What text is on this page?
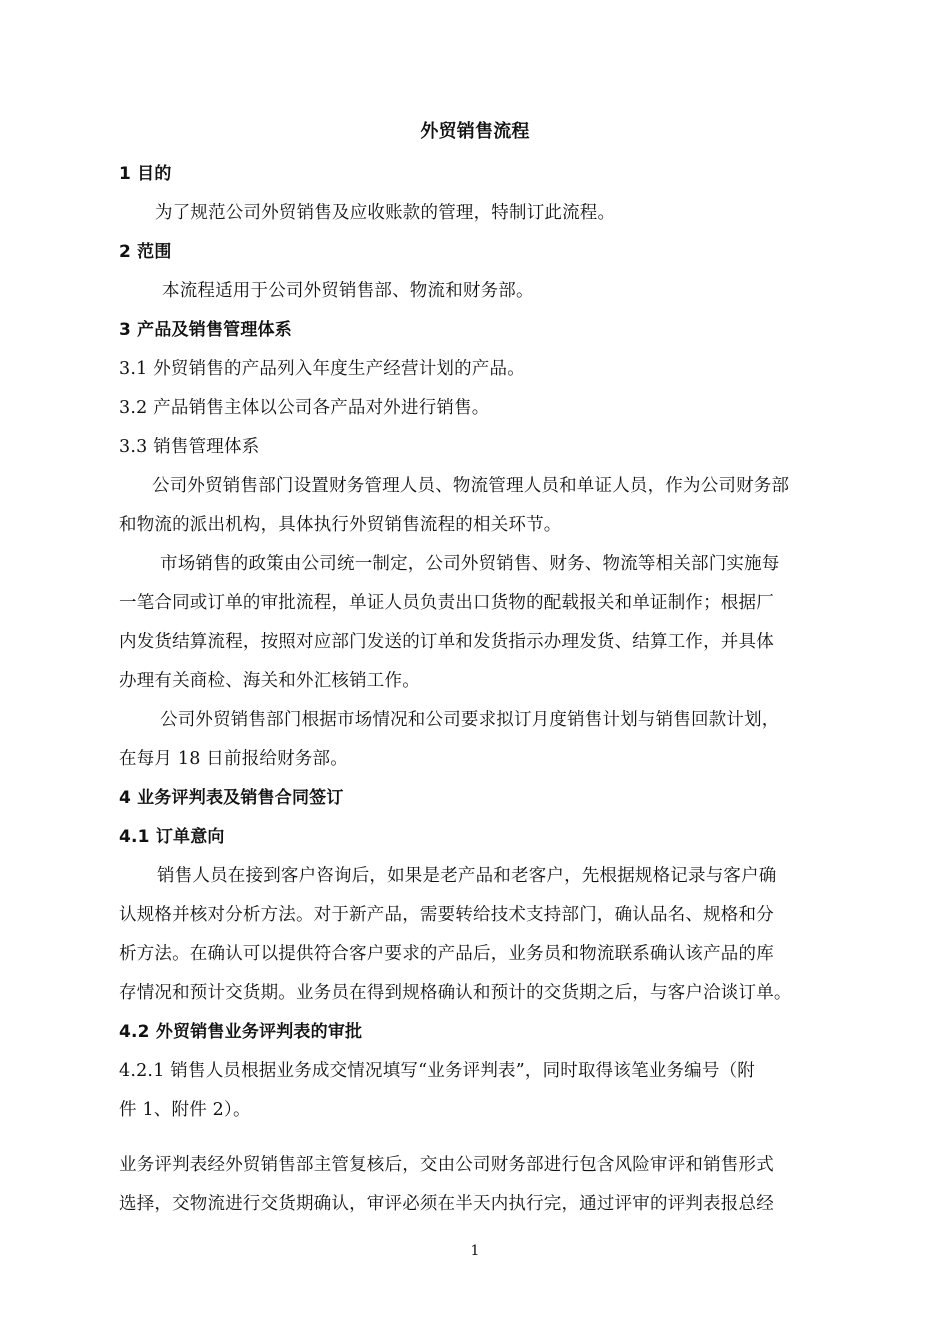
外贸销售流程
1 目的
为了规范公司外贸销售及应收账款的管理，特制订此流程。
2 范围
本流程适用于公司外贸销售部、物流和财务部。
3 产品及销售管理体系
3.1 外贸销售的产品列入年度生产经营计划的产品。
3.2 产品销售主体以公司各产品对外进行销售。
3.3 销售管理体系
公司外贸销售部门设置财务管理人员、物流管理人员和单证人员，作为公司财务部
和物流的派出机构，具体执行外贸销售流程的相关环节。
市场销售的政策由公司统一制定，公司外贸销售、财务、物流等相关部门实施每
一笔合同或订单的审批流程，单证人员负责出口货物的配载报关和单证制作；根据厂
内发货结算流程，按照对应部门发送的订单和发货指示办理发货、结算工作，并具体
办理有关商检、海关和外汇核销工作。
公司外贸销售部门根据市场情况和公司要求拟订月度销售计划与销售回款计划，
在每月 18 日前报给财务部。
4 业务评判表及销售合同签订
4.1 订单意向
销售人员在接到客户咨询后，如果是老产品和老客户，先根据规格记录与客户确
认规格并核对分析方法。对于新产品，需要转给技术支持部门，确认品名、规格和分
析方法。在确认可以提供符合客户要求的产品后，业务员和物流联系确认该产品的库
存情况和预计交货期。业务员在得到规格确认和预计的交货期之后，与客户洽谈订单。
4.2 外贸销售业务评判表的审批
4.2.1 销售人员根据业务成交情况填写“业务评判表”，同时取得该笔业务编号（附
件 1、附件 2）。
业务评判表经外贸销售部主管复核后，交由公司财务部进行包含风险审评和销售形式
选择，交物流进行交货期确认，审评必须在半天内执行完，通过评审的评判表报总经
1
